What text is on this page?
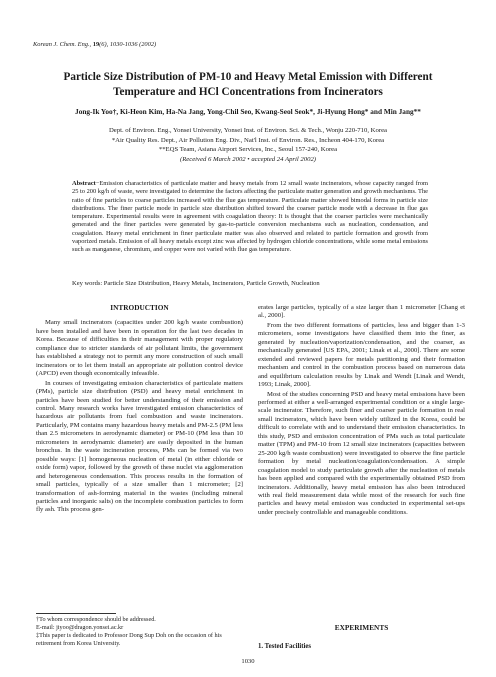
Korean J. Chem. Eng., 19(6), 1030-1036 (2002)
Particle Size Distribution of PM-10 and Heavy Metal Emission with Different
Temperature and HCl Concentrations from Incinerators
Jong-Ik Yoo†, Ki-Heon Kim, Ha-Na Jang, Yong-Chil Seo, Kwang-Seol Seok*, Ji-Hyung Hong* and Min Jang**
Dept. of Environ. Eng., Yonsei University, Yonsei Inst. of Environ. Sci. & Tech., Wonju 220-710, Korea
*Air Quality Res. Dept., Air Pollution Eng. Div., Nat'l Inst. of Environ. Res., Incheon 404-170, Korea
**EQS Team, Asiana Airport Services, Inc., Seoul 157-240, Korea
(Received 6 March 2002 • accepted 24 April 2002)
Abstract−Emission characteristics of particulate matter and heavy metals from 12 small waste incinerators, whose capacity ranged from 25 to 200 kg/h of waste, were investigated to determine the factors affecting the particulate matter generation and growth mechanisms. The ratio of fine particles to coarse particles increased with the flue gas temperature. Particulate matter showed bimodal forms in particle size distributions. The finer particle mode in particle size distribution shifted toward the coarser particle mode with a decrease in flue gas temperature. Experimental results were in agreement with coagulation theory: It is thought that the coarser particles were mechanically generated and the finer particles were generated by gas-to-particle conversion mechanisms such as nucleation, condensation, and coagulation. Heavy metal enrichment in finer particulate matter was also observed and related to particle formation and growth from vaporized metals. Emission of all heavy metals except zinc was affected by hydrogen chloride concentrations, while some metal emissions such as manganese, chromium, and copper were not varied with flue gas temperature.
Key words: Particle Size Distribution, Heavy Metals, Incinerators, Particle Growth, Nucleation
INTRODUCTION

Many small incinerators (capacities under 200 kg/h waste combustion) have been installed and have been in operation for the last two decades in Korea. Because of difficulties in their management with proper regulatory compliance due to stricter standards of air pollutant limits, the government has established a strategy not to permit any more construction of such small incinerators or to let them install an appropriate air pollution control device (APCD) even though economically infeasible.

In courses of investigating emission characteristics of particulate matters (PMs), particle size distribution (PSD) and heavy metal enrichment in particles have been studied for better understanding of their emission and control. Many research works have investigated emission characteristics of hazardous air pollutants from fuel combustion and waste incinerators. Particularly, PM contains many hazardous heavy metals and PM-2.5 (PM less than 2.5 micrometers in aerodynamic diameter) or PM-10 (PM less than 10 micrometers in aerodynamic diameter) are easily deposited in the human bronchus. In the waste incineration process, PMs can be formed via two possible ways: [1] homogeneous nucleation of metal (in either chloride or oxide form) vapor, followed by the growth of these nuclei via agglomeration and heterogeneous condensation. This process results in the formation of small particles, typically of a size smaller than 1 micrometer; [2] transformation of ash-forming material in the wastes (including mineral particles and inorganic salts) on the incomplete combustion particles to form fly ash. This process gen-

erates large particles, typically of a size larger than 1 micrometer [Chang et al., 2000].

From the two different formations of particles, less and bigger than 1-3 micrometers, some investigators have classified them into the finer, as generated by nucleation/vaporization/condensation, and the coarser, as mechanically generated [US EPA, 2001; Linak et al., 2000]. There are some extended and reviewed papers for metals partitioning and their formation mechanism and control in the combustion process based on numerous data and equilibrium calculation results by Linak and Wendt [Linak and Wendt, 1993; Linak, 2000].

Most of the studies concerning PSD and heavy metal emissions have been performed at either a well-arranged experimental condition or a single large-scale incinerator. Therefore, such finer and coarser particle formation in real small incinerators, which have been widely utilized in the Korea, could be difficult to correlate with and to understand their emission characteristics. In this study, PSD and emission concentration of PMs such as total particulate matter (TPM) and PM-10 from 12 small size incinerators (capacities between 25-200 kg/h waste combustion) were investigated to observe the fine particle formation by metal nucleation/coagulation/condensation. A simple coagulation model to study particulate growth after the nucleation of metals has been applied and compared with the experimentally obtained PSD from incinerators. Additionally, heavy metal emission has also been introduced with real field measurement data while most of the research for such fine particles and heavy metal emission was conducted in experimental set-ups under precisely controllable and manageable conditions.

EXPERIMENTS
1. Tested Facilities
†To whom correspondence should be addressed.
E-mail: jiyoo@dragon.yonsei.ac.kr
‡This paper is dedicated to Professor Dong Sup Doh on the occasion of his retirement from Korea University.
1030
